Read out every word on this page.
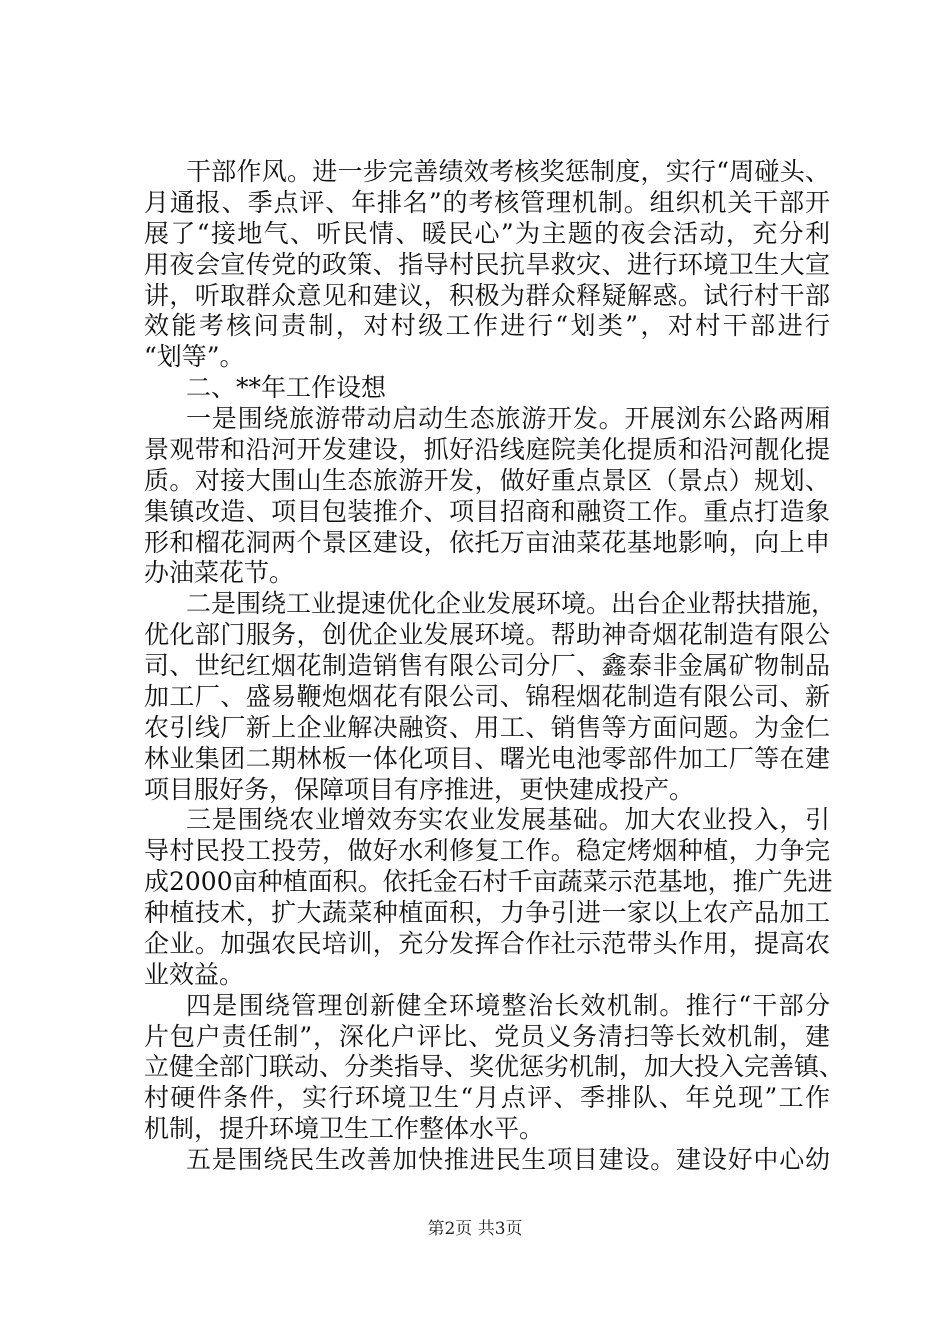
干部作风。进一步完善绩效考核奖惩制度，实行“周碰头、
月通报、季点评、年排名”的考核管理机制。组织机关干部开
展了“接地气、听民情、暖民心”为主题的夜会活动，充分利
用夜会宣传党的政策、指导村民抗旱救灾、进行环境卫生大宣
讲，听取群众意见和建议，积极为群众释疑解惑。试行村干部
效能考核问责制，对村级工作进行“划类”，对村干部进行
“划等”。
二、**年工作设想
一是围绕旅游带动启动生态旅游开发。开展浏东公路两厢
景观带和沿河开发建设，抓好沿线庭院美化提质和沿河靓化提
质。对接大围山生态旅游开发，做好重点景区（景点）规划、
集镇改造、项目包装推介、项目招商和融资工作。重点打造象
形和榴花洞两个景区建设，依托万亩油菜花基地影响，向上申
办油菜花节。
二是围绕工业提速优化企业发展环境。出台企业帮扶措施，
优化部门服务，创优企业发展环境。帮助神奇烟花制造有限公
司、世纪红烟花制造销售有限公司分厂、鑫泰非金属矿物制品
加工厂、盛易鞭炮烟花有限公司、锦程烟花制造有限公司、新
农引线厂新上企业解决融资、用工、销售等方面问题。为金仁
林业集团二期林板一体化项目、曙光电池零部件加工厂等在建
项目服好务，保障项目有序推进，更快建成投产。
三是围绕农业增效夯实农业发展基础。加大农业投入，引
导村民投工投劳，做好水利修复工作。稳定烤烟种植，力争完
成2000亩种植面积。依托金石村千亩蔬菜示范基地，推广先进
种植技术，扩大蔬菜种植面积，力争引进一家以上农产品加工
企业。加强农民培训，充分发挥合作社示范带头作用，提高农
业效益。
四是围绕管理创新健全环境整治长效机制。推行“干部分
片包户责任制”，深化户评比、党员义务清扫等长效机制，建
立健全部门联动、分类指导、奖优惩劣机制，加大投入完善镇、
村硬件条件，实行环境卫生“月点评、季排队、年兑现”工作
机制，提升环境卫生工作整体水平。
五是围绕民生改善加快推进民生项目建设。建设好中心幼
第2页 共3页
